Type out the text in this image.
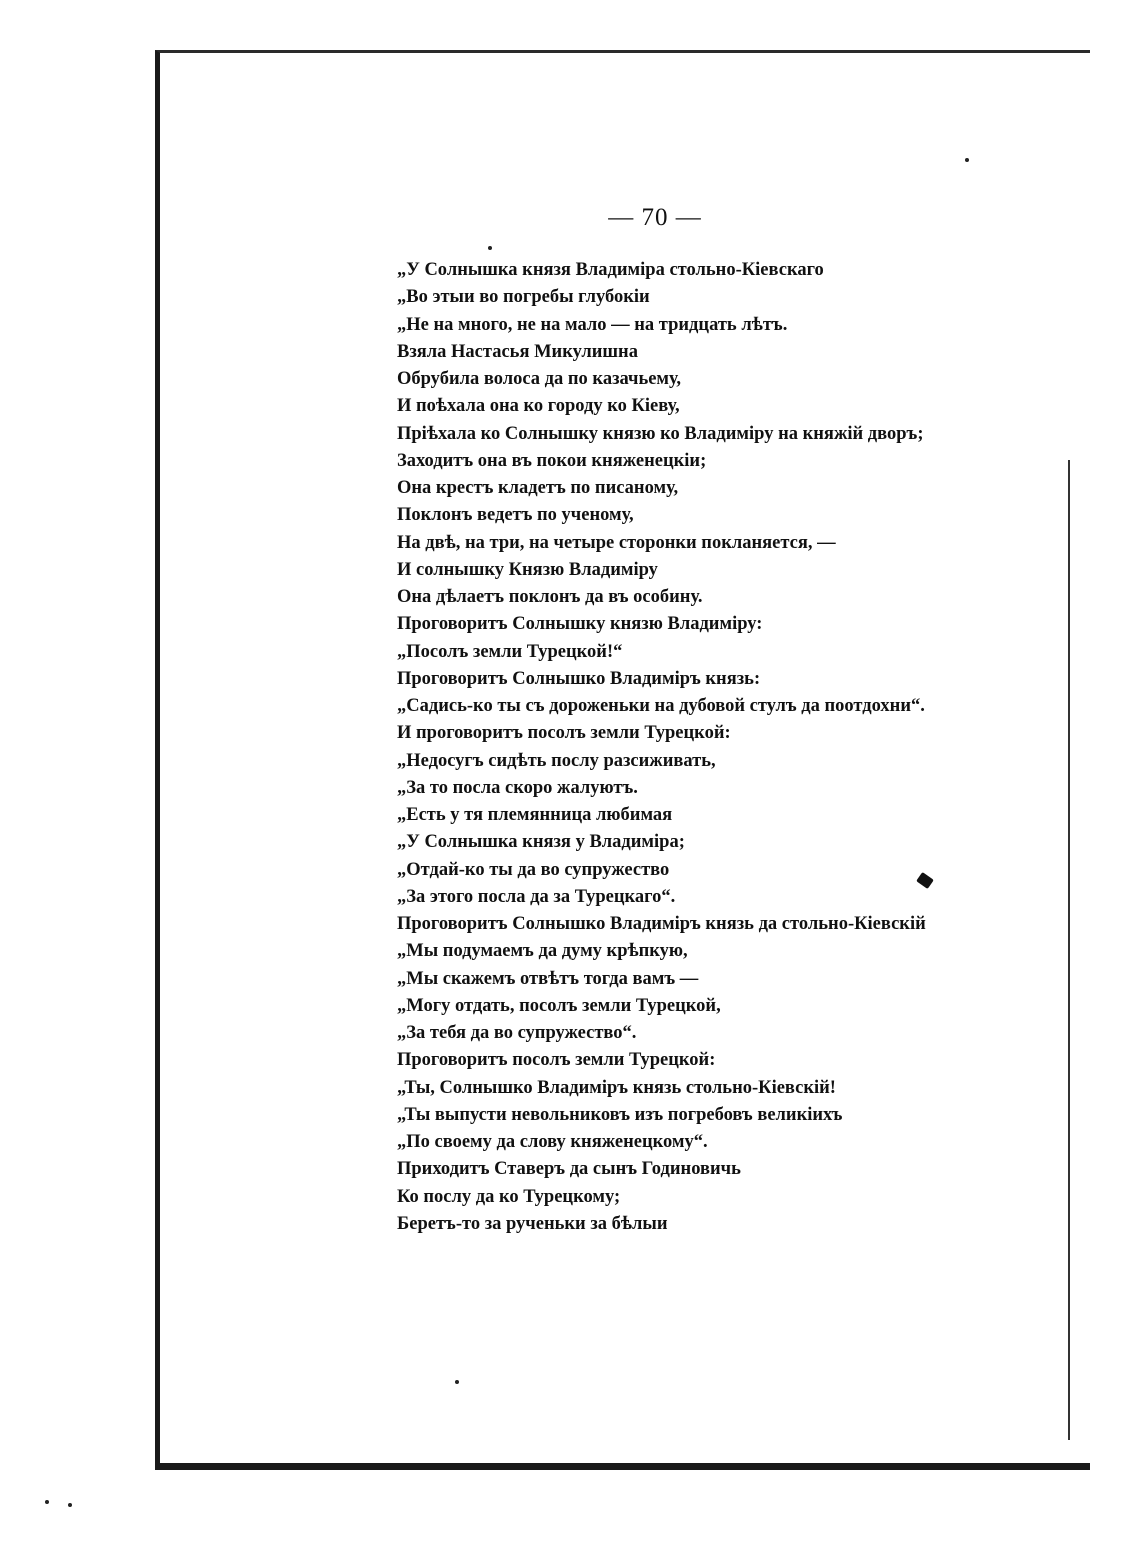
— 70 —
„У Солнышка князя Владиміра стольно-Кіевскаго
„Во этыи во погребы глубокіи
„Не на много, не на мало — на тридцать лѣтъ.
Взяла Настасья Микулишна
Обрубила волоса да по казачьему,
И поѣхала она ко городу ко Кіеву,
Пріѣхала ко Солнышку князю ко Владиміру на княжій дворъ;
Заходитъ она въ покои княженецкіи;
Она крестъ кладетъ по писаному,
Поклонъ ведетъ по ученому,
На двѣ, на три, на четыре сторонки покланяется, —
И солнышку Князю Владиміру
Она дѣлаетъ поклонъ да въ особину.
Проговоритъ Солнышку князю Владиміру:
„Посолъ земли Турецкой!“
Проговоритъ Солнышко Владиміръ князь:
„Садись-ко ты съ дороженьки на дубовой стулъ да поотдохни“.
И проговоритъ посолъ земли Турецкой:
„Недосугъ сидѣть послу разсиживать,
„За то посла скоро жалуютъ.
„Есть у тя племянница любимая
„У Солнышка князя у Владиміра;
„Отдай-ко ты да во супружество
„За этого посла да за Турецкаго“.
Проговоритъ Солнышко Владиміръ князь да стольно-Кіевскій
„Мы подумаемъ да думу крѣпкую,
„Мы скажемъ отвѣтъ тогда вамъ —
„Могу отдать, посолъ земли Турецкой,
„За тебя да во супружество“.
Проговоритъ посолъ земли Турецкой:
„Ты, Солнышко Владиміръ князь стольно-Кіевскій!
„Ты выпусти невольниковъ изъ погребовъ великіихъ
„По своему да слову княженецкому“.
Приходитъ Ставеръ да сынъ Годиновичь
Ко послу да ко Турецкому;
Беретъ-то за рученьки за бѣлыи
